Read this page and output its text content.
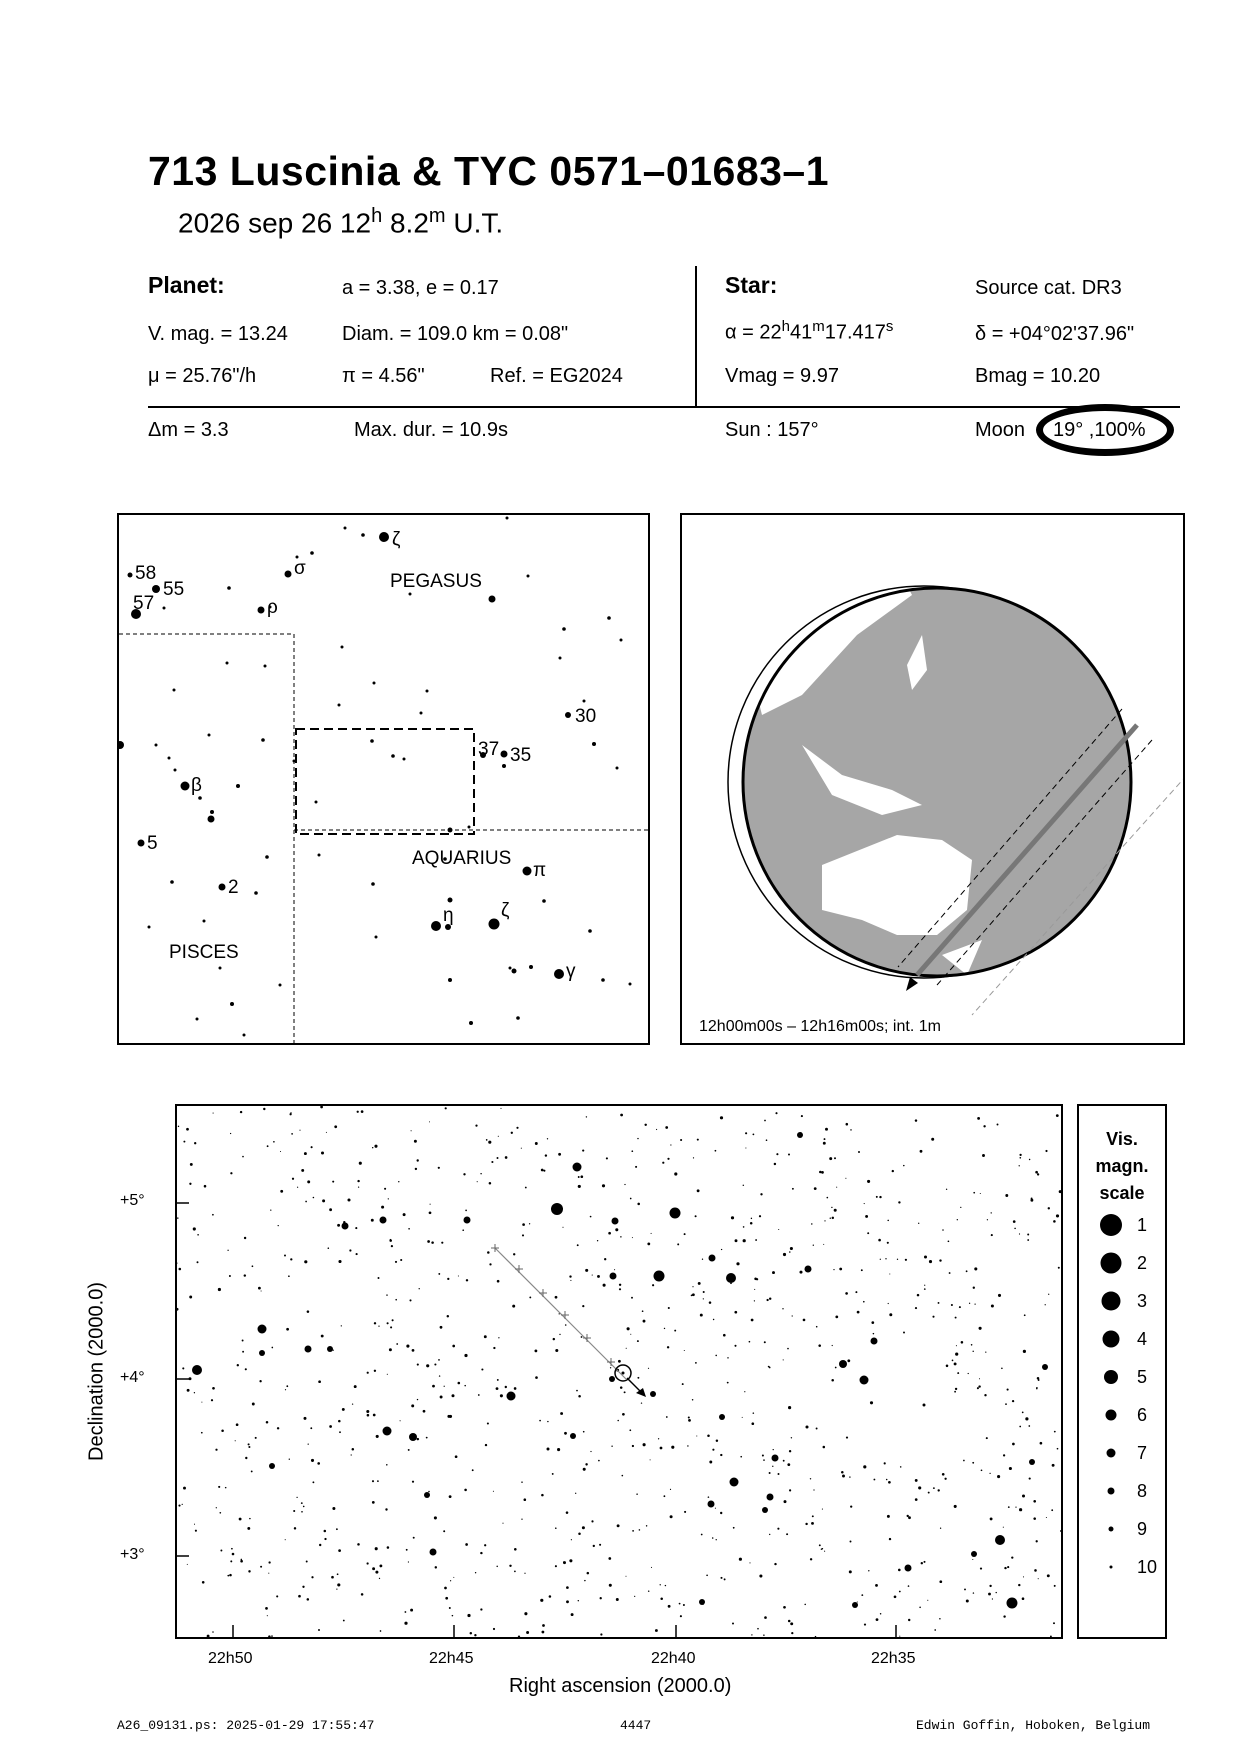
713 Luscinia & TYC 0571–01683–1
2026 sep 26 12$^h$ 8.2$^m$ U.T.
Planet:	a = 3.38, e = 0.17
V. mag. = 13.24	Diam. = 109.0 km = 0.08"
μ = 25.76"/h	π = 4.56"	Ref. = EG2024
Star:	Source cat. DR3
$\alpha = 22^h41^m17.417^s$	δ = +04°02'37.96"
Vmag = 9.97	Bmag = 10.20
Δm = 3.3	Max. dur. = 10.9s	Sun : 157°	Moon 19° ,100%
PEGASUS
AQUARIUS
PISCES
ζ
σ
ρ
58
55
57
30
37 35
β
5
2
π
η ζ
γ
12h00m00s – 12h16m00s; int. 1m
Declination (2000.0)
+5°
+4°
+3°
22h50	22h45	22h40	22h35
Right ascension (2000.0)
Vis.
magn.
scale
1
2
3
4
5
6
7
8
9
10
A26_09131.ps: 2025-01-29 17:55:47	4447	Edwin Goffin, Hoboken, Belgium
